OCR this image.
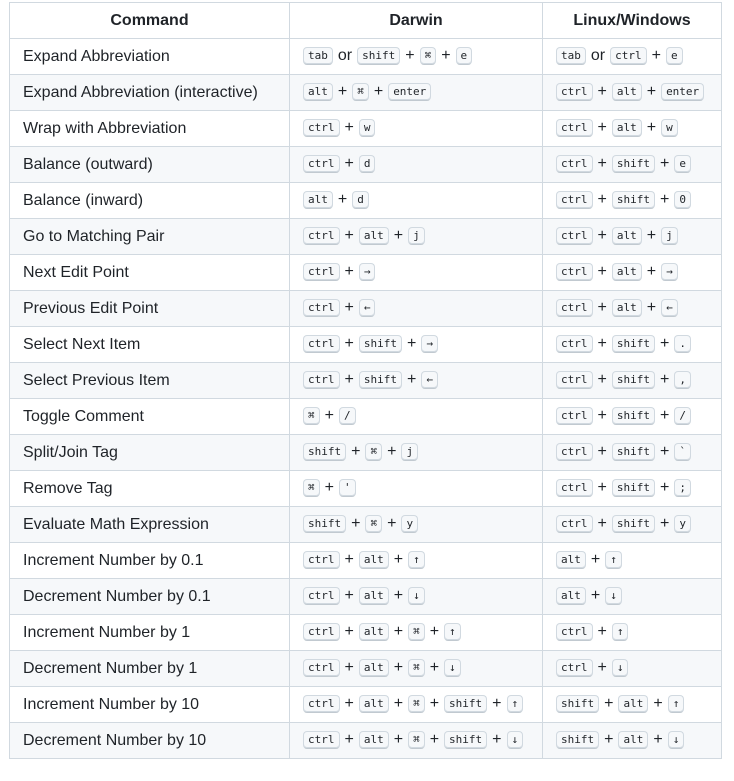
Command	Darwin	Linux/Windows
Expand Abbreviation	tab or shift + ⌘ + e	tab or ctrl + e
Expand Abbreviation (interactive)	alt + ⌘ + enter	ctrl + alt + enter
Wrap with Abbreviation	ctrl + w	ctrl + alt + w
Balance (outward)	ctrl + d	ctrl + shift + e
Balance (inward)	alt + d	ctrl + shift + 0
Go to Matching Pair	ctrl + alt + j	ctrl + alt + j
Next Edit Point	ctrl + →	ctrl + alt + →
Previous Edit Point	ctrl + ←	ctrl + alt + ←
Select Next Item	ctrl + shift + →	ctrl + shift + .
Select Previous Item	ctrl + shift + ←	ctrl + shift + ,
Toggle Comment	⌘ + /	ctrl + shift + /
Split/Join Tag	shift + ⌘ + j	ctrl + shift + `
Remove Tag	⌘ + '	ctrl + shift + ;
Evaluate Math Expression	shift + ⌘ + y	ctrl + shift + y
Increment Number by 0.1	ctrl + alt + ↑	alt + ↑
Decrement Number by 0.1	ctrl + alt + ↓	alt + ↓
Increment Number by 1	ctrl + alt + ⌘ + ↑	ctrl + ↑
Decrement Number by 1	ctrl + alt + ⌘ + ↓	ctrl + ↓
Increment Number by 10	ctrl + alt + ⌘ + shift + ↑	shift + alt + ↑
Decrement Number by 10	ctrl + alt + ⌘ + shift + ↓	shift + alt + ↓
